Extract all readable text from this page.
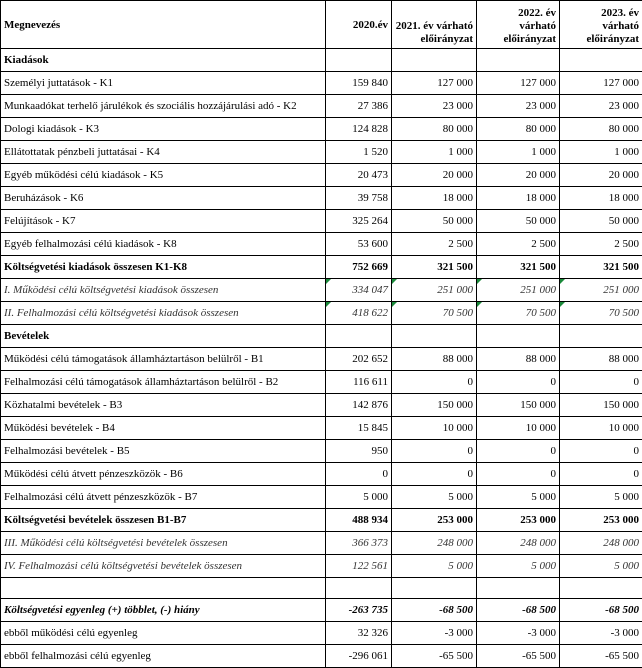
Megnevezés	2020.év	2021. év várható előirányzat	2022. év várható előirányzat	2023. év várható előirányzat
Kiadások				
Személyi juttatások - K1	159 840	127 000	127 000	127 000
Munkaadókat terhelő járulékok és szociális hozzájárulási adó - K2	27 386	23 000	23 000	23 000
Dologi kiadások - K3	124 828	80 000	80 000	80 000
Ellátottatak pénzbeli juttatásai - K4	1 520	1 000	1 000	1 000
Egyéb működési célú kiadások - K5	20 473	20 000	20 000	20 000
Beruházások - K6	39 758	18 000	18 000	18 000
Felújítások - K7	325 264	50 000	50 000	50 000
Egyéb felhalmozási célú kiadások - K8	53 600	2 500	2 500	2 500
Költségvetési kiadások összesen K1-K8	752 669	321 500	321 500	321 500
I. Működési célú költségvetési kiadások összesen	334 047	251 000	251 000	251 000
II. Felhalmozási célú költségvetési kiadások összesen	418 622	70 500	70 500	70 500
Bevételek				
Működési célú támogatások államháztartáson belülről - B1	202 652	88 000	88 000	88 000
Felhalmozási célú támogatások államháztartáson belülről - B2	116 611	0	0	0
Közhatalmi bevételek - B3	142 876	150 000	150 000	150 000
Működési bevételek - B4	15 845	10 000	10 000	10 000
Felhalmozási bevételek - B5	950	0	0	0
Működési célú átvett pénzeszközök - B6	0	0	0	0
Felhalmozási célú átvett pénzeszközök - B7	5 000	5 000	5 000	5 000
Költségvetési bevételek összesen B1-B7	488 934	253 000	253 000	253 000
III. Működési célú költségvetési bevételek összesen	366 373	248 000	248 000	248 000
IV. Felhalmozási célú költségvetési bevételek összesen	122 561	5 000	5 000	5 000

Költségvetési egyenleg (+) többlet, (-) hiány	-263 735	-68 500	-68 500	-68 500
ebből működési célú egyenleg	32 326	-3 000	-3 000	-3 000
ebből felhalmozási célú egyenleg	-296 061	-65 500	-65 500	-65 500
